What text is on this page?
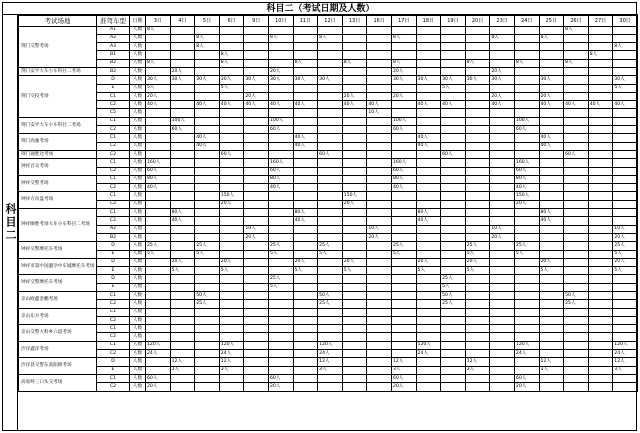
科目二（考试日期及人数）
科目二
考试场地	准驾车型	日期	3日	4日	5日	6日	9日	10日	11日	12日	13日	16日	17日	18日	19日	20日	23日	24日	25日	26日	27日	30日
荆门交警考场	A1	人数	8人																	8人		
	A2	人数			8人			8人		8人			8人				8人		8人			
	A3	人数			8人																	8人
	B1	人数				8人															8人	
	B2	人数	8人			8人			8人		8人		8人			8人		8人		8人		
荆门安平大车小车科目二考场	B2	人数		20人				20人					20人				20人					
荆门交投考场	D	人数	30人	30人	30人	30人	30人	30人	30人	30人			30人	30人	30人	30人	30人		30人			30人
	E	人数	5人			5人									5人							5人
	C1	人数	20人				20人				20人		20人				20人		20人			
	C2	人数	40人		40人	40人	40人	40人	40人		40人	40人		40人	40人		40人		40人	40人	40人	40人
	C5	人数										10人										
荆门安平大车小车科目二考场	C1	人数		100人				100人					100人					100人				
	C2	人数		60人				60人					60人					60人				
荆门高驰考场	C1	人数			40人				40人					40人					40人			
	C2	人数			40人				40人					40人					40人			
荆门通胜达考场	C2	人数				60人				60人					60人					60人		
钟祥百众考场	C1	人数	160人					160人					160人					160人				
	C2	人数	60人					60人					60人					60人				
钟祥交警考场	C1	人数	80人					80人					80人					80人				
	C2	人数	40人					40人					40人					40人				
钟祥方向盘考场	C1	人数				150人					150人							150人				
	C2	人数				20人					20人							20人				
钟祥顺胜考场大车小车科目二考场	C1	人数		80人					80人					80人					80人			
	C2	人数		40人					40人					40人					40人			
	A2	人数					10人					10人					10人					10人
	B2	人数					20人					20人					20人					20人
钟祥交警摩托车考场	D	人数	25人		25人			25人		25人			25人			25人		25人				25人
	E	人数	5人		5人			5人		5人			5人			5人		5人				5人
钟祥市第中国避孕中车城摩托车考场	D	人数		20人		20人			20人		20人			20人		20人			20人			20人
	E	人数		5人		5人			5人		5人			5人		5人			5人			5人
钟祥交警摩托车考场	D	人数						25人							25人							
	E	人数						5人							5人							
京山欧鑫金鹏考场	C1	人数			50人					50人					50人					50人		
	C2	人数			25人					25人					25人					25人		
京山东方考场	C1	人数																				
	C2	人数																				
京山交警大科乡六道考场	C1	人数																				
	C2	人数																				
沙洋鑫洋考场	C1	人数	120人			120人				120人				120人				120人				120人
	C2	人数	24人			24人				24人				24人				24人				24人
沙洋县交警东高阳镇考场	D	人数		12人		12人				12人			12人			12人			12人			12人
	E	人数		3人		3人				3人			3人			3人			3人			3人
高家岭三口头交考场	C1	人数	60人					60人					60人					60人				
	C2	人数	20人					20人					20人					20人				
